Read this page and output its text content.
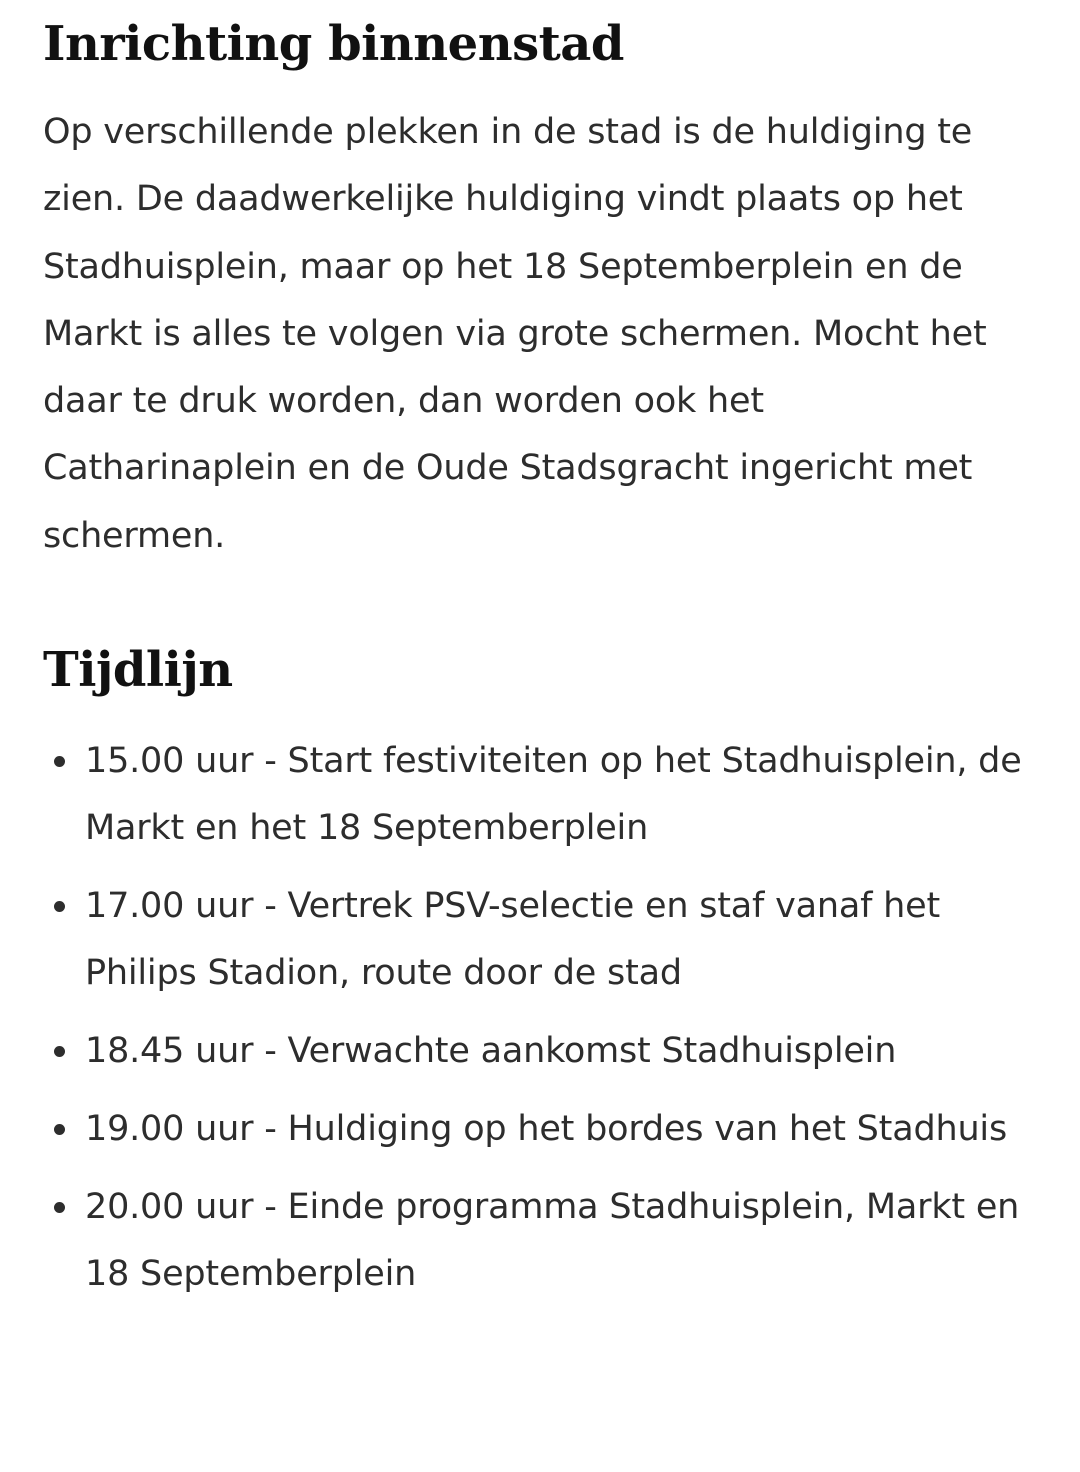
Inrichting binnenstad

Op verschillende plekken in de stad is de huldiging te zien. De daadwerkelijke huldiging vindt plaats op het Stadhuisplein, maar op het 18 Septemberplein en de Markt is alles te volgen via grote schermen. Mocht het daar te druk worden, dan worden ook het Catharinaplein en de Oude Stadsgracht ingericht met schermen.

Tijdlijn
15.00 uur - Start festiviteiten op het Stadhuisplein, de Markt en het 18 Septemberplein
17.00 uur - Vertrek PSV-selectie en staf vanaf het Philips Stadion, route door de stad
18.45 uur - Verwachte aankomst Stadhuisplein
19.00 uur - Huldiging op het bordes van het Stadhuis
20.00 uur - Einde programma Stadhuisplein, Markt en 18 Septemberplein
